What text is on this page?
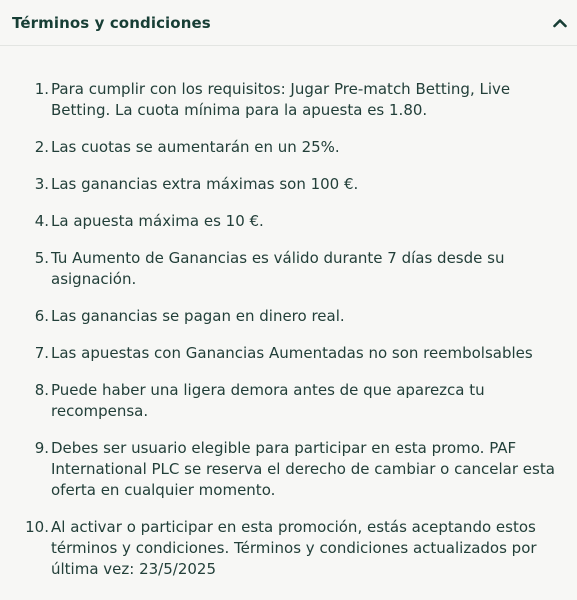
Términos y condiciones
1. Para cumplir con los requisitos: Jugar Pre-match Betting, Live Betting. La cuota mínima para la apuesta es 1.80.
2. Las cuotas se aumentarán en un 25%.
3. Las ganancias extra máximas son 100 €.
4. La apuesta máxima es 10 €.
5. Tu Aumento de Ganancias es válido durante 7 días desde su asignación.
6. Las ganancias se pagan en dinero real.
7. Las apuestas con Ganancias Aumentadas no son reembolsables
8. Puede haber una ligera demora antes de que aparezca tu recompensa.
9. Debes ser usuario elegible para participar en esta promo. PAF International PLC se reserva el derecho de cambiar o cancelar esta oferta en cualquier momento.
10. Al activar o participar en esta promoción, estás aceptando estos términos y condiciones. Términos y condiciones actualizados por última vez: 23/5/2025
